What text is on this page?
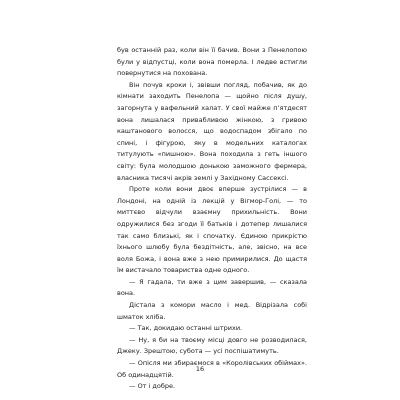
був останній раз, коли він її бачив. Вони з Пенелопою були у відпустці, коли вона померла. І ледве встигли повернутися на похована.

Він почув кроки і, звівши погляд, побачив, як до кімнати заходить Пенелопа — щойно після душу, загорнута у вафельний халат. У свої майже п’ятдесят вона лишалася привабливою жінкою, з гривою каштанового волосся, що водоспадом збігало по спині, і фігурою, яку в модельних каталогах титулують «пишною». Вона походила з геть іншого світу: була молодшою донькою заможного фермера, власника тисячі акрів землі у Західному Сассексі.

Проте коли вони двоє вперше зустрілися — в Лондоні, на одній із лекцій у Вігмор-Голі, — то миттєво відчули взаємну прихильність. Вони одружилися без згоди її батьків і дотепер лишалися так само близькі, як і спочатку. Єдиною прикрістю їхнього шлюбу була бездітність, але, звісно, на все воля Божа, і вона вже з нею примирилися. До щастя їм вистачало товариства одне одного.

— Я гадала, ти вже з цим завершив, — сказала вона.

Дістала з комори масло і мед. Відрізала собі шматок хліба.

— Так, докидаю останні штрихи.

— Ну, я би на твоєму місці довго не розводилася, Джеку. Зрештою, субота — усі поспішатимуть.

— Опісля ми збираємося в «Королівських обіймах». Об одинадцятій.

— От і добре.

16
